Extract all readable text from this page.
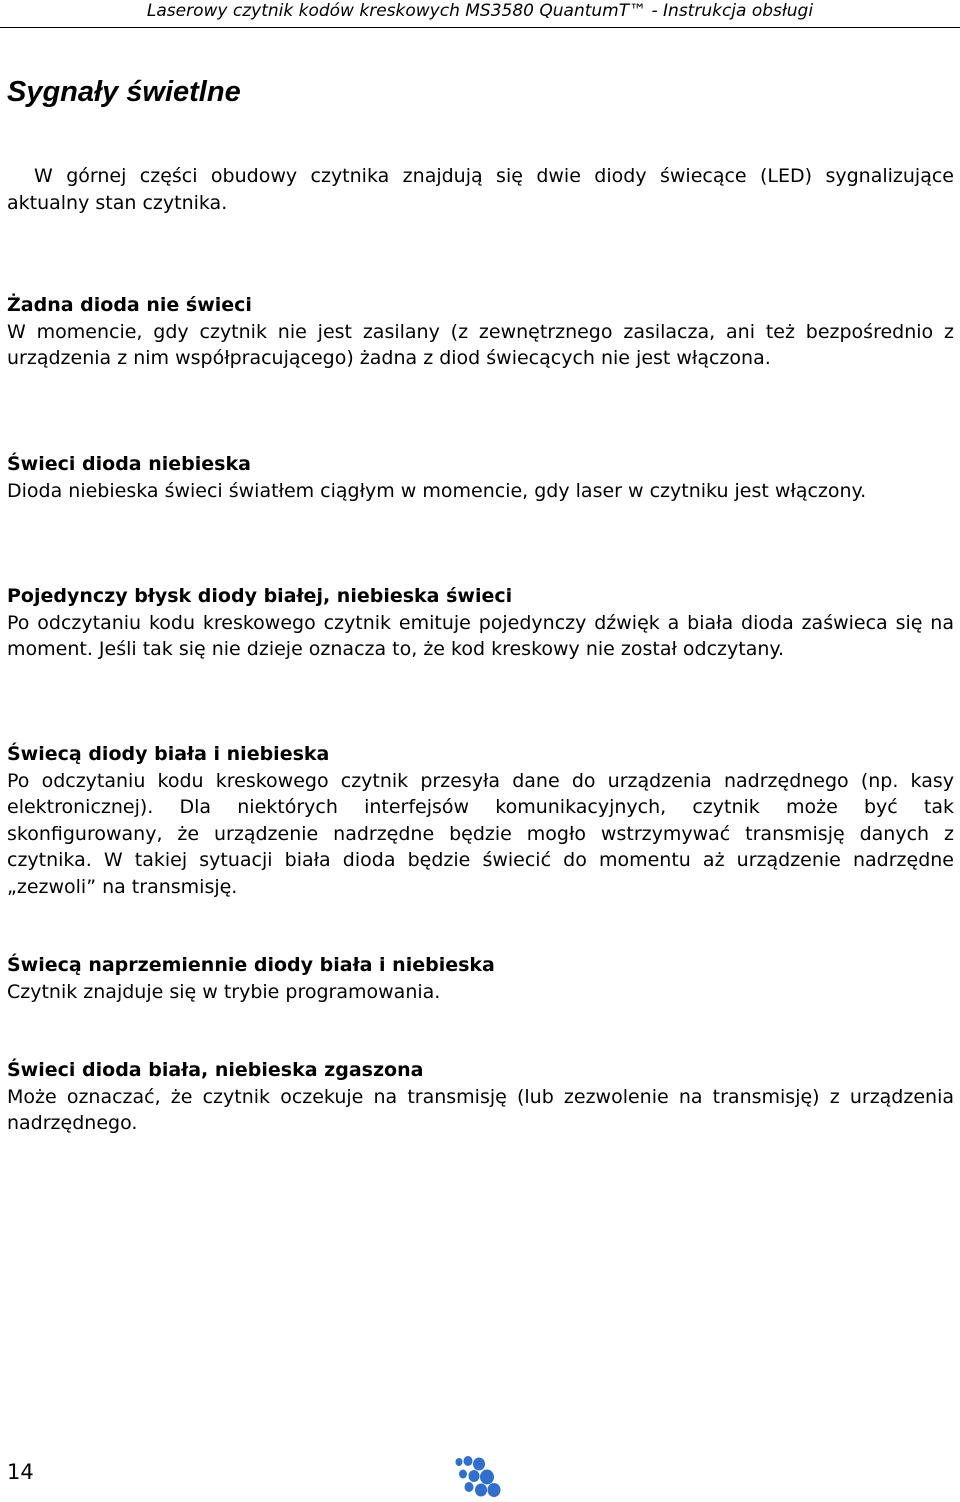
Laserowy czytnik kodów kreskowych MS3580 QuantumT™ - Instrukcja obsługi
Sygnały świetlne

W górnej części obudowy czytnika znajdują się dwie diody świecące (LED) sygnalizujące aktualny stan czytnika.

Żadna dioda nie świeci

W momencie, gdy czytnik nie jest zasilany (z zewnętrznego zasilacza, ani też bezpośrednio z urządzenia z nim współpracującego) żadna z diod świecących nie jest włączona.

Świeci dioda niebieska

Dioda niebieska świeci światłem ciągłym w momencie, gdy laser w czytniku jest włączony.

Pojedynczy błysk diody białej, niebieska świeci

Po odczytaniu kodu kreskowego czytnik emituje pojedynczy dźwięk a biała dioda zaświeca się na moment. Jeśli tak się nie dzieje oznacza to, że kod kreskowy nie został odczytany.

Świecą diody biała i niebieska

Po odczytaniu kodu kreskowego czytnik przesyła dane do urządzenia nadrzędnego (np. kasy elektronicznej). Dla niektórych interfejsów komunikacyjnych, czytnik może być tak skonfigurowany, że urządzenie nadrzędne będzie mogło wstrzymywać transmisję danych z czytnika. W takiej sytuacji biała dioda będzie świecić do momentu aż urządzenie nadrzędne „zezwoli” na transmisję.

Świecą naprzemiennie diody biała i niebieska

Czytnik znajduje się w trybie programowania.

Świeci dioda biała, niebieska zgaszona

Może oznaczać, że czytnik oczekuje na transmisję (lub zezwolenie na transmisję) z urządzenia nadrzędnego.

14
